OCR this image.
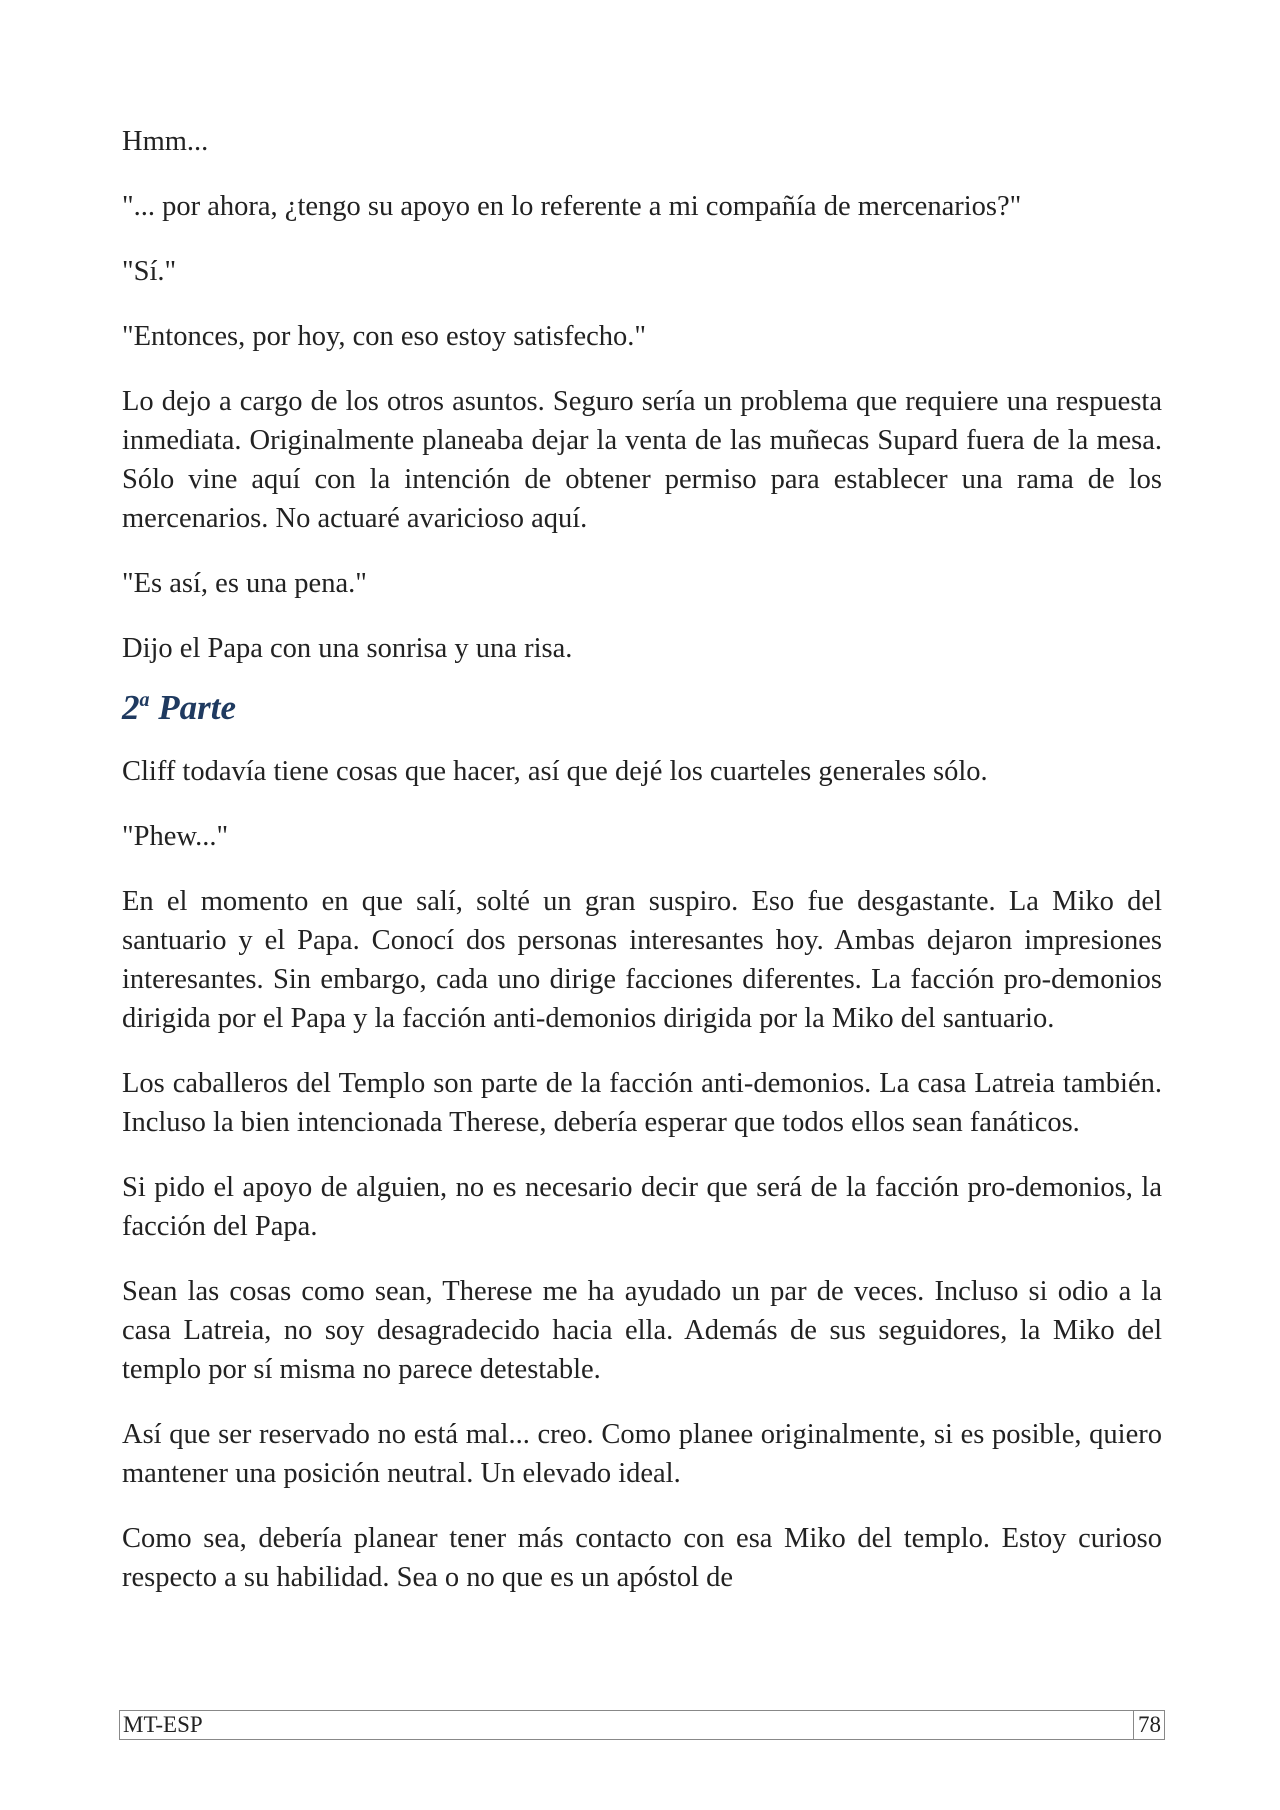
Hmm...

"... por ahora, ¿tengo su apoyo en lo referente a mi compañía de mercenarios?"

"Sí."

"Entonces, por hoy, con eso estoy satisfecho."

Lo dejo a cargo de los otros asuntos. Seguro sería un problema que requiere una respuesta inmediata. Originalmente planeaba dejar la venta de las muñecas Supard fuera de la mesa. Sólo vine aquí con la intención de obtener permiso para establecer una rama de los mercenarios. No actuaré avaricioso aquí.

"Es así, es una pena."

Dijo el Papa con una sonrisa y una risa.

2$^a$ Parte

Cliff todavía tiene cosas que hacer, así que dejé los cuarteles generales sólo.

"Phew..."

En el momento en que salí, solté un gran suspiro. Eso fue desgastante. La Miko del santuario y el Papa. Conocí dos personas interesantes hoy. Ambas dejaron impresiones interesantes. Sin embargo, cada uno dirige facciones diferentes. La facción pro-demonios dirigida por el Papa y la facción anti-demonios dirigida por la Miko del santuario.

Los caballeros del Templo son parte de la facción anti-demonios. La casa Latreia también. Incluso la bien intencionada Therese, debería esperar que todos ellos sean fanáticos.

Si pido el apoyo de alguien, no es necesario decir que será de la facción pro-demonios, la facción del Papa.

Sean las cosas como sean, Therese me ha ayudado un par de veces. Incluso si odio a la casa Latreia, no soy desagradecido hacia ella. Además de sus seguidores, la Miko del templo por sí misma no parece detestable.

Así que ser reservado no está mal... creo. Como planee originalmente, si es posible, quiero mantener una posición neutral. Un elevado ideal.

Como sea, debería planear tener más contacto con esa Miko del templo. Estoy curioso respecto a su habilidad. Sea o no que es un apóstol de

MT-ESP	78
